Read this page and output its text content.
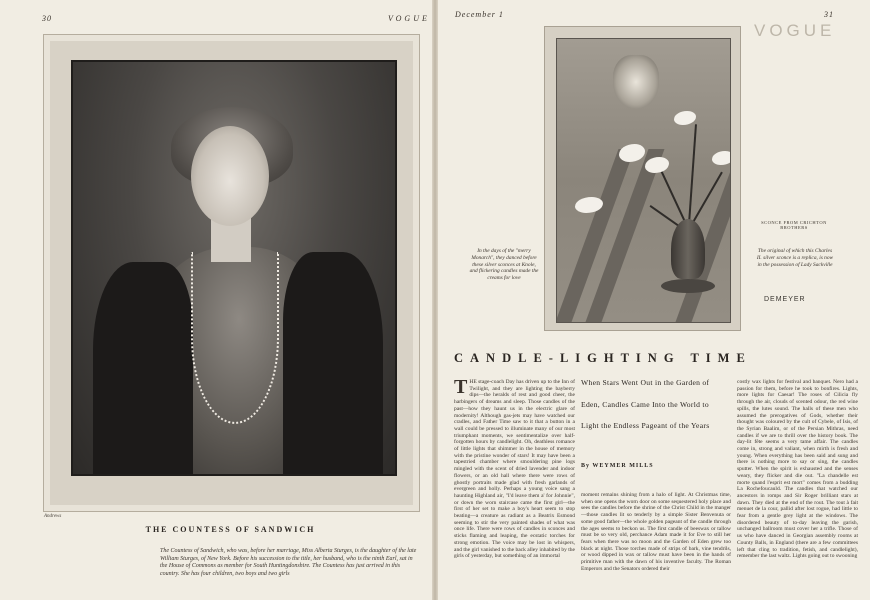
30	VOGUE
Andrews
THE COUNTESS OF SANDWICH
The Countess of Sandwich, who was, before her marriage, Miss Alberta Sturges, is the daughter of the late William Sturges, of New York. Before his succession to the title, her husband, who is the ninth Earl, sat in the House of Commons as member for South Huntingdonshire. The Countess has just arrived in this country. She has four children, two boys and two girls
December 1	31
VOGUE
DEMEYER
SCONCE FROM CRICHTON BROTHERS
In the days of the "merry Monarch", they danced before these silver sconces at Knole, and flickering candles made the creams for love
The original of which this Charles II. silver sconce is a replica, is now in the possession of Lady Sackville
CANDLE-LIGHTING TIME
THE stage-coach Day has driven up to the Inn of Twilight, and they are lighting the bayberry dips—the heralds of rest and good cheer, the harbingers of dreams and sleep. Those candles of the past—how they haunt us in the electric glare of modernity! Although gas-jets may have watched our cradles, and Father Time saw to it that a button in a wall could be pressed to illuminate many of our most triumphant moments, we sentimentalize over half-forgotten hours by candlelight. Oh, deathless romance of little lights that shimmer in the house of memory with the pristine wonder of stars! It may have been a tapestried chamber where smouldering pine logs mingled with the scent of dried lavender and indoor flowers, or an old hall where there were rows of ghostly portraits made glad with fresh garlands of evergreen and holly. Perhaps a young voice sang a haunting Highland air, "I'd leave them a' for Johnnie", or down the worn staircase came the first girl—the first of her set to make a boy's heart seem to stop beating—a creature as radiant as a Beatrix Esmond seeming to stir the very painted shades of what was once life. There were rows of candles in sconces and sticks flaming and leaping, the ecstatic torches for strong emotion. The voice may be lost in whispers, and the girl vanished to the back alley inhabited by the girls of yesterday, but something of an immortal
When Stars Went Out in the Garden of Eden, Candles Came Into the World to Light the Endless Pageant of the Years
By WEYMER MILLS
moment remains shining from a halo of light. At Christmas time, when one opens the worn door on some sequestered holy place and sees the candles before the shrine of the Christ Child in the manger—those candles lit so tenderly by a simple Sister Benvenuta or some good father—the whole golden pageant of the candle through the ages seems to beckon us. The first candle of beeswax or tallow must be so very old, perchance Adam made it for Eve to still her fears when there was no moon and the Garden of Eden grew too black at night. Those torches made of strips of bark, vine tendrils, or wood dipped in wax or tallow must have been in the hands of primitive man with the dawn of his inventive faculty. The Roman Emperors and the Senators ordered their
costly wax lights for festival and banquet. Nero had a passion for them, before he took to bonfires. Lights, more lights for Caesar! The roses of Cilicia fly through the air, clouds of scented odour, the red wine spills, the lutes sound. The halls of these men who assumed the prerogatives of Gods, whether their thought was coloured by the cult of Cybele, of Isis, of the Syrian Baalim, or of the Persian Mithras, need candles if we are to thrill over the history book. The day-lit fête seems a very tame affair. The candles come in, strong and valiant, when mirth is fresh and young. When everything has been said and sung and there is nothing more to say or sing, the candles sputter. When the spirit is exhausted and the senses weary, they flicker and die out. "La chandelle est morte quand l'esprit est mort" comes from a budding La Rochefoucauld. The candles that watched our ancestors in romps and Sir Roger brilliant stars at dawn. They died at the end of the rout. The tout à fait menuet de la cour, pallid after lost rogue, had little to fear from a gentle grey light at the windows. The disordered beauty of to-day leaving the garish, unchanged ballroom must cover her a trifle. Those of us who have danced in Georgian assembly rooms at County Balls, in England (there are a few committees left that cling to tradition, fetish, and candlelight), remember the last waltz. Lights going out to swooning
